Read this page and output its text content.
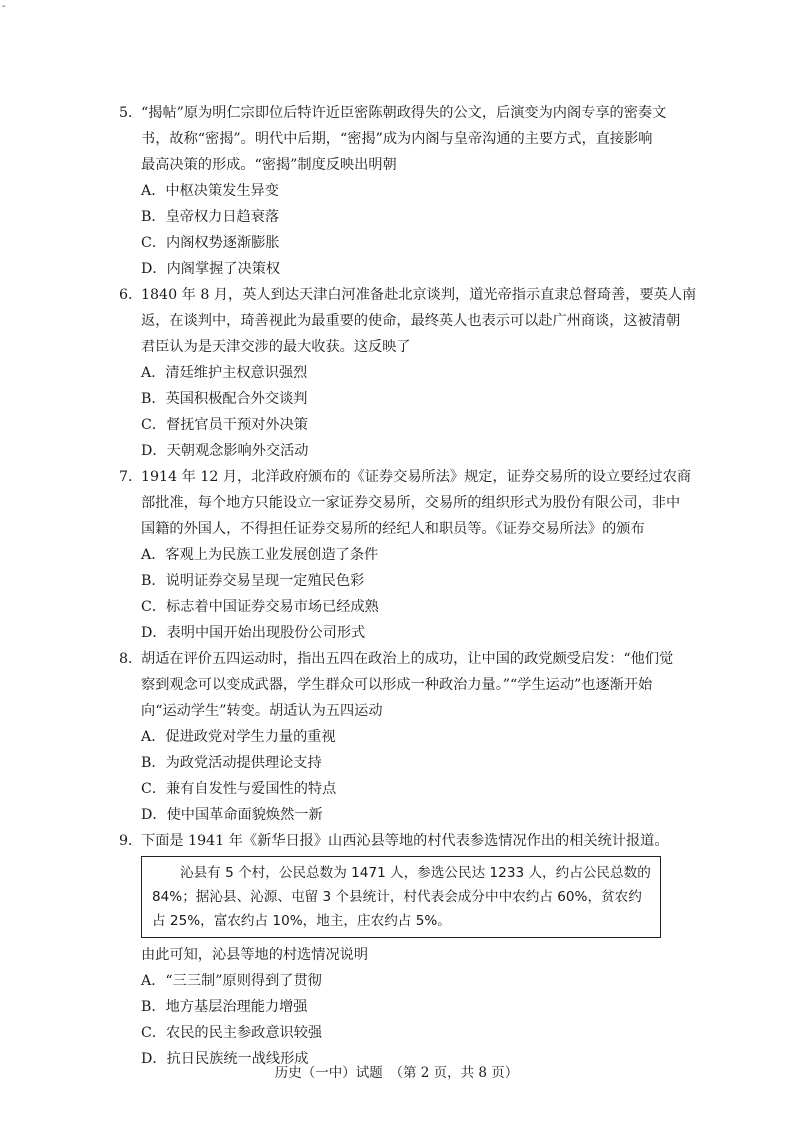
-
5．
“揭帖”原为明仁宗即位后特许近臣密陈朝政得失的公文，后演变为内阁专享的密奏文
书，故称“密揭”。明代中后期，“密揭”成为内阁与皇帝沟通的主要方式，直接影响
最高决策的形成。“密揭”制度反映出明朝
A．中枢决策发生异变
B．皇帝权力日趋衰落
C．内阁权势逐渐膨胀
D．内阁掌握了决策权
6．
1840 年 8 月，英人到达天津白河准备赴北京谈判，道光帝指示直隶总督琦善，要英人南
返，在谈判中，琦善视此为最重要的使命，最终英人也表示可以赴广州商谈，这被清朝
君臣认为是天津交涉的最大收获。这反映了
A．清廷维护主权意识强烈
B．英国积极配合外交谈判
C．督抚官员干预对外决策
D．天朝观念影响外交活动
7．
1914 年 12 月，北洋政府颁布的《证券交易所法》规定，证券交易所的设立要经过农商
部批准，每个地方只能设立一家证券交易所，交易所的组织形式为股份有限公司，非中
国籍的外国人，不得担任证券交易所的经纪人和职员等。《证券交易所法》的颁布
A．客观上为民族工业发展创造了条件
B．说明证券交易呈现一定殖民色彩
C．标志着中国证券交易市场已经成熟
D．表明中国开始出现股份公司形式
8．
胡适在评价五四运动时，指出五四在政治上的成功，让中国的政党颇受启发：“他们觉
察到观念可以变成武器，学生群众可以形成一种政治力量。”“学生运动”也逐渐开始
向“运动学生”转变。胡适认为五四运动
A．促进政党对学生力量的重视
B．为政党活动提供理论支持
C．兼有自发性与爱国性的特点
D．使中国革命面貌焕然一新
9．
下面是 1941 年《新华日报》山西沁县等地的村代表参选情况作出的相关统计报道。
沁县有 5 个村，公民总数为 1471 人，参选公民达 1233 人，约占公民总数的
84%；据沁县、沁源、屯留 3 个县统计，村代表会成分中中农约占 60%，贫农约
占 25%，富农约占 10%，地主，庄农约占 5%。
由此可知，沁县等地的村选情况说明
A．“三三制”原则得到了贯彻
B．地方基层治理能力增强
C．农民的民主参政意识较强
D．抗日民族统一战线形成
历史（一中）试题　（第 2 页，共 8 页）
